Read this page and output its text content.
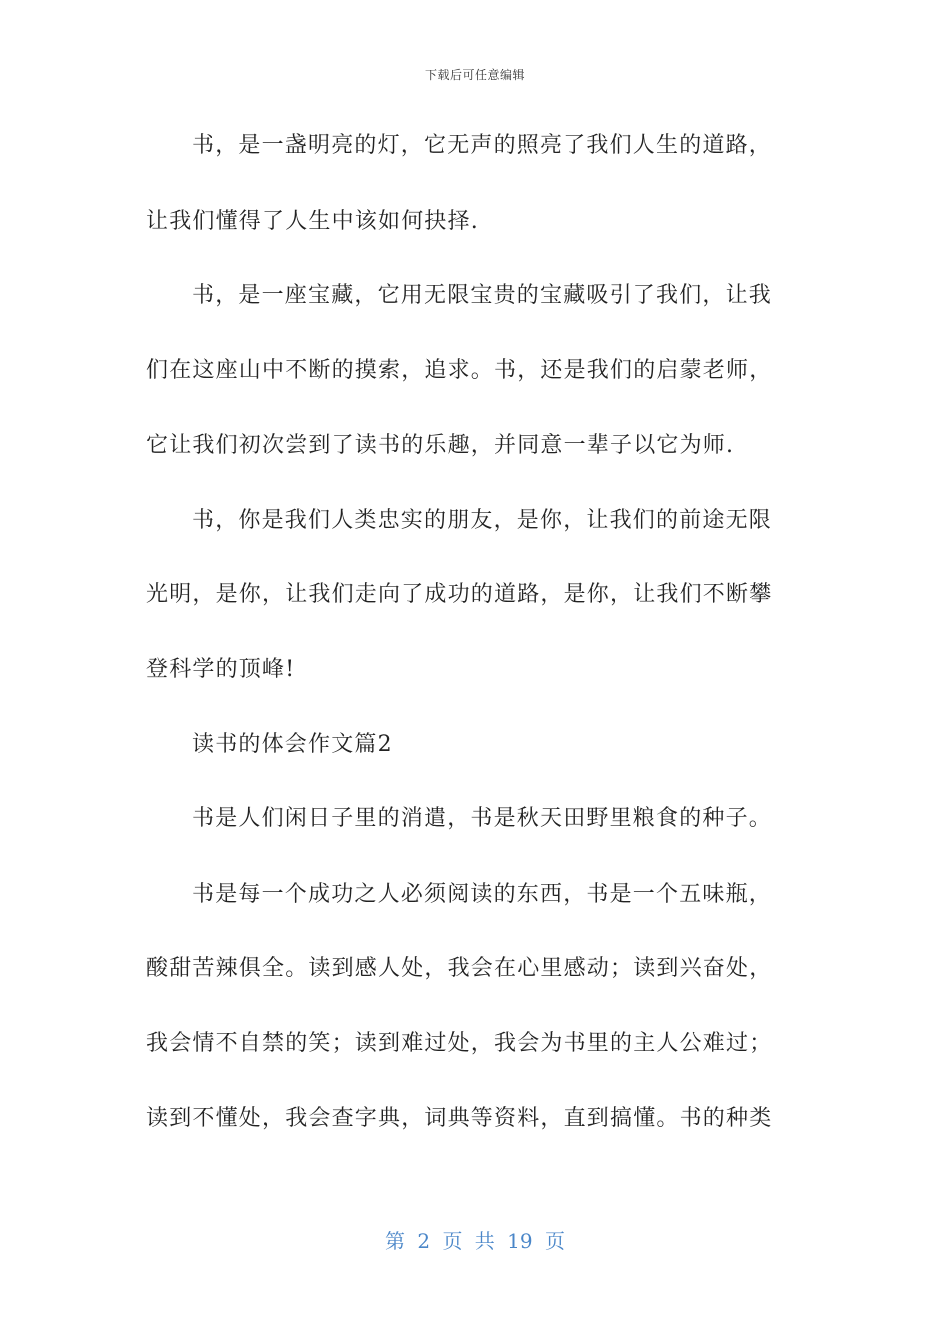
下载后可任意编辑
书，是一盏明亮的灯，它无声的照亮了我们人生的道路，
让我们懂得了人生中该如何抉择.
书，是一座宝藏，它用无限宝贵的宝藏吸引了我们，让我
们在这座山中不断的摸索，追求。书，还是我们的启蒙老师，
它让我们初次尝到了读书的乐趣，并同意一辈子以它为师.
书，你是我们人类忠实的朋友，是你，让我们的前途无限
光明，是你，让我们走向了成功的道路，是你，让我们不断攀
登科学的顶峰!
读书的体会作文篇2
书是人们闲日子里的消遣，书是秋天田野里粮食的种子。
书是每一个成功之人必须阅读的东西，书是一个五味瓶，
酸甜苦辣俱全。读到感人处，我会在心里感动；读到兴奋处，
我会情不自禁的笑；读到难过处，我会为书里的主人公难过；
读到不懂处，我会查字典，词典等资料，直到搞懂。书的种类
第 2 页 共 19 页
